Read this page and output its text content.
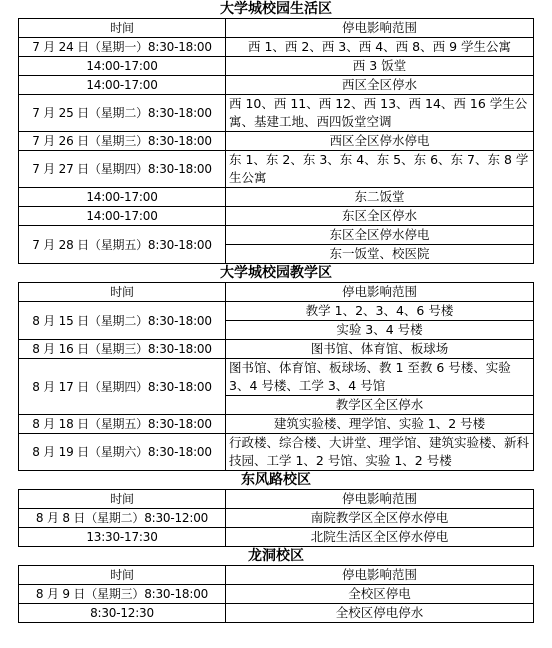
大学城校园生活区
时间	停电影响范围
7 月 24 日（星期一）8:30-18:00	西 1、西 2、西 3、西 4、西 8、西 9 学生公寓
14:00-17:00	西 3 饭堂
14:00-17:00	西区全区停水
7 月 25 日（星期二）8:30-18:00	西 10、西 11、西 12、西 13、西 14、西 16 学生公寓、基建工地、西四饭堂空调
7 月 26 日（星期三）8:30-18:00	西区全区停水停电
7 月 27 日（星期四）8:30-18:00	东 1、东 2、东 3、东 4、东 5、东 6、东 7、东 8 学生公寓
14:00-17:00	东二饭堂
14:00-17:00	东区全区停水
7 月 28 日（星期五）8:30-18:00	东区全区停水停电
	东一饭堂、校医院
大学城校园教学区
时间	停电影响范围
8 月 15 日（星期二）8:30-18:00	教学 1、2、3、4、6 号楼
	实验 3、4 号楼
8 月 16 日（星期三）8:30-18:00	图书馆、体育馆、板球场
8 月 17 日（星期四）8:30-18:00	图书馆、体育馆、板球场、教 1 至教 6 号楼、实验 3、4 号楼、工学 3、4 号馆
	教学区全区停水
8 月 18 日（星期五）8:30-18:00	建筑实验楼、理学馆、实验 1、2 号楼
8 月 19 日（星期六）8:30-18:00	行政楼、综合楼、大讲堂、理学馆、建筑实验楼、新科技园、工学 1、2 号馆、实验 1、2 号楼
东风路校区
时间	停电影响范围
8 月 8 日（星期二）8:30-12:00	南院教学区全区停水停电
13:30-17:30	北院生活区全区停水停电
龙洞校区
时间	停电影响范围
8 月 9 日（星期三）8:30-18:00	全校区停电
8:30-12:30	全校区停电停水
